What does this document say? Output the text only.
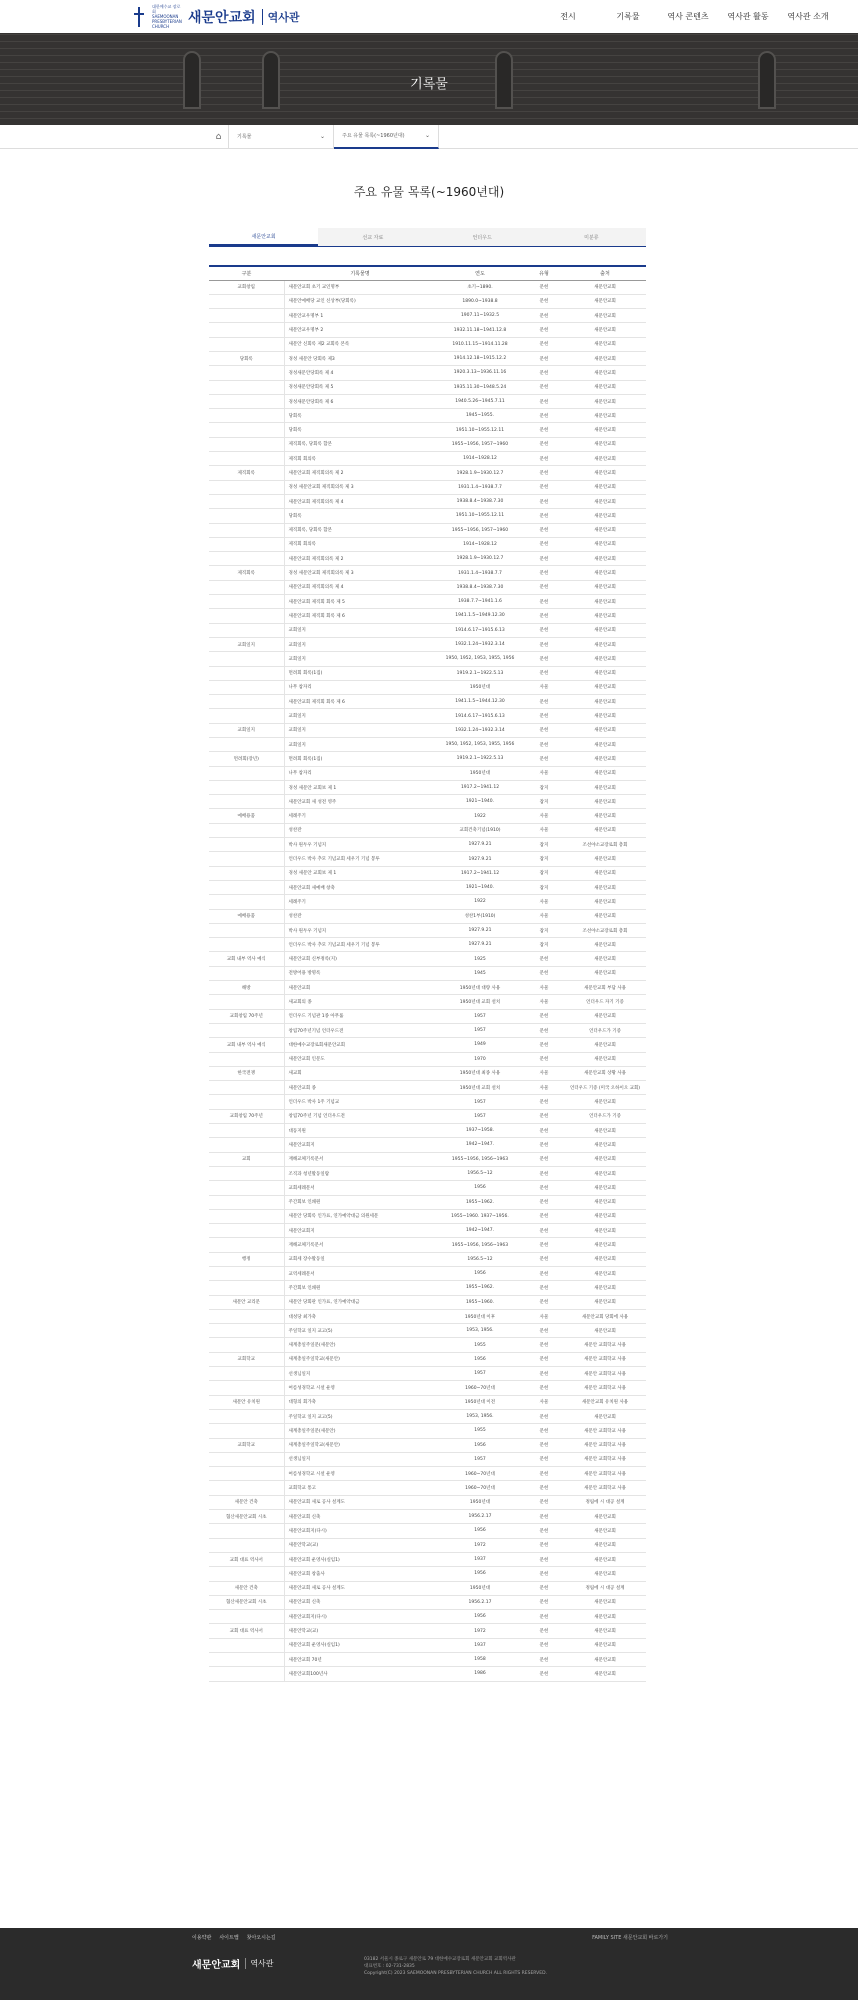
대한예수교 장로회 SAEMOONAN PRESBYTERIAN CHURCH
새문안교회	역사관	전시	기록물	역사 콘텐츠	역사관 활동	역사관 소개
기록물
⌂	기록물	⌄	주요 유물 목록(~1960년대)	⌄
주요 유물 목록(~1960년대)
새문안교회	선교 자료	언더우드	미분류
구분	기록물명	연도	유형	출처
교회창립	새문안교회 초기 교인명부	초기~1890.	문헌	새문안교회
	새문안예배당 교인 신상부(당회록)	1890.0~1938.8	문헌	새문안교회
	새문안교우명부 1	1907.11~1932.5	문헌	새문안교회
	새문안교우명부 2	1932.11.18~1941.12.8	문헌	새문안교회
	새문안 신회록 제2 교회록 본록	1910.11.15~1914.11.28	문헌	새문안교회
당회록	경성 새문안 당회록 제3	1914.12.18~1915.12.2	문헌	새문안교회
	경성새문안당회록 제 4	1920.3.13~1936.11.16	문헌	새문안교회
	경성새문안당회록 제 5	1935.11.30~1948.5.24	문헌	새문안교회
	경성새문안당회록 제 6	1940.5.26~1945.7.11	문헌	새문안교회
	당회록	1945~1955.	문헌	새문안교회
	당회록	1951.10~1955.12.11	문헌	새문안교회
	제직회록, 당회록 합본	1955~1956, 1957~1960	문헌	새문안교회
	제직회 회의록	1914~1928.12	문헌	새문안교회
제직회록	새문안교회 제직회의록 제 2	1928.1.9~1930.12.7	문헌	새문안교회
	경성 새문안교회 제직회의록 제 3	1931.1.4~1938.7.7	문헌	새문안교회
	새문안교회 제직회의록 제 4	1938.8.4~1938.7.30	문헌	새문안교회
	당회록	1951.10~1955.12.11	문헌	새문안교회
	제직회록, 당회록 합본	1955~1956, 1957~1960	문헌	새문안교회
	제직회 회의록	1914~1928.12	문헌	새문안교회
	새문안교회 제직회의록 제 2	1928.1.9~1930.12.7	문헌	새문안교회
제직회록	경성 새문안교회 제직회의록 제 3	1931.1.4~1938.7.7	문헌	새문안교회
	새문안교회 제직회의록 제 4	1938.8.4~1938.7.30	문헌	새문안교회
	새문안교회 제직회 회록 제 5	1938.7.7~1941.1.6	문헌	새문안교회
	새문안교회 제직회 회록 제 6	1941.1.5~1949.12.30	문헌	새문안교회
	교회일지	1914.6.17~1915.6.13	문헌	새문안교회
교회일지	교회일지	1932.1.24~1932.3.14	문헌	새문안교회
	교회일지	1950, 1952, 1953, 1955, 1956	문헌	새문안교회
	면려회 회록(1집)	1919.2.1~1922.5.13	문헌	새문안교회
	나무 참자리	1950년대	사물	새문안교회
	새문안교회 제직회 회록 제 6	1941.1.5~1944.12.30	문헌	새문안교회
	교회일지	1914.6.17~1915.6.13	문헌	새문안교회
교회일지	교회일지	1932.1.24~1932.3.14	문헌	새문안교회
	교회일지	1950, 1952, 1953, 1955, 1956	문헌	새문안교회
면려회(장년)	면려회 회록(1집)	1919.2.1~1922.5.13	문헌	새문안교회
	나무 참자리	1950년대	사물	새문안교회
	경성 새문안 교회보 제 1	1917.2~1941.12	잡지	새문안교회
	새문안교회 새 성전 영주	1921~1940.	잡지	새문안교회
예배용품	세례주기	1922	사물	새문안교회
	성찬잔	교회건축기념(1910)	사물	새문안교회
	박사 원두우 기념지	1927.9.21	잡지	조선야소교장로회 총회
	언더우드 박사 추모 기념교회 세우기 기념 봉투	1927.9.21	잡지	새문안교회
	경성 새문안 교회보 제 1	1917.2~1941.12	잡지	새문안교회
	새문안교회 새예배 창축	1921~1940.	잡지	새문안교회
	세례주기	1922	사물	새문안교회
예배용품	성찬잔	성찬1부(1910)	사물	새문안교회
	박사 원두우 기념지	1927.9.21	잡지	조선야소교장로회 총회
	언더우드 박사 추모 기념교회 세우기 기념 봉투	1927.9.21	잡지	새문안교회
교회 내부 역사 예식	새문안교회 신부정록(지)	1925	문헌	새문안교회
	전방어용 방명록	1945	문헌	새문안교회
해방	새문안교회	1950년대 대량 사용	사물	새문안교회 부담 사용
	새교회의 종	1950년대 교회 설치	사물	언더우드 자기 기증
교회창립 70주년	언더우드 기념관 1종 아무룰	1957	문헌	새문안교회
	창립70주년기념 언더우드전	1957	문헌	언더우드가 기증
교회 내부 역사 예식	대한예수교장로회새문안교회	1949	문헌	새문안교회
	새문안교회 인문도	1970	문헌	새문안교회
한국전쟁	새교회	1950년대 최종 사용	사물	새문안교회 상황 사용
	새문안교회 종	1950년대 교회 설치	사물	언더우드 기증 (미국 오하이오 교회)
	언더우드 박사 1주 기념교	1957	문헌	새문안교회
교회창립 70주년	창립70주년 기념 언더우드전	1957	문헌	언더우드가 기증
	대동지원	1937~1958.	문헌	새문안교회
	새문안교회지	1942~1947.	문헌	새문안교회
교회	재해교체기록문서	1955~1956, 1956~1963	문헌	새문안교회
	조직과 청년활동일람	1956.5~12	문헌	새문안교회
	교회세례문서	1956	문헌	새문안교회
	주간회보 인쇄원	1955~1962.	문헌	새문안교회
	새문안 당회록 인가표, 연가예약대금 의원세문	1955~1960. 1937~1956.	문헌	새문안교회
	새문안교회지	1942~1947.	문헌	새문안교회
	재해교체기록문서	1955~1956, 1956~1963	문헌	새문안교회
행정	교회세 장수활동일	1956.5~12	문헌	새문안교회
	교역세례문서	1956	문헌	새문안교회
	주간회보 인쇄원	1955~1962.	문헌	새문안교회
새문안 교리문	새문안 당회관 인가표, 연가예약대금	1955~1960.	문헌	새문안교회
	대성당 최가축	1950년대 이후	사물	새문안교회 당회에 사용
	주일학교 일지 교고(5)	1953, 1956.	문헌	새문안교회
	새계총일주일문(새문안)	1955	문헌	새문안 교회학교 사용
교회학교	새계총일주일학교(새문안)	1956	문헌	새문안 교회학교 사용
	선생님일지	1957	문헌	새문안 교회학교 사용
	여름성경학교 시설 운영	1960~70년대	문헌	새문안 교회학교 사용
새문안 유치원	대형의 회가축	1950년대 이전	사물	새문안교회 유치원 사용
	주일학교 일지 교고(5)	1953, 1956.	문헌	새문안교회
	새계총일주일문(새문안)	1955	문헌	새문안 교회학교 사용
교회학교	새계총일주일학교(새문안)	1956	문헌	새문안 교회학교 사용
	선생님일지	1957	문헌	새문안 교회학교 사용
	여름성경학교 시설 운영	1960~70년대	문헌	새문안 교회학교 사용
	교회학교 통고	1960~70년대	문헌	새문안 교회학교 사용
새문안 건축	새문안교회 새로 공사 설계도	1950년대	문헌	정림에 시 대공 설계
협산새문안교회 시초	새문안교회 신축	1956.2.17	문헌	새문안교회
	새문안교회지(다시)	1956	문헌	새문안교회
	새문안학교(교)	1972	문헌	새문안교회
교회 대표 역사서	새문안교회 운영사(실임1)	1937	문헌	새문안교회
	새문안교회 창출사	1956	문헌	새문안교회
새문안 건축	새문안교회 새로 공사 설계도	1950년대	문헌	정림에 시 대공 설계
협산새문안교회 시초	새문안교회 신축	1956.2.17	문헌	새문안교회
	새문안교회지(다시)	1956	문헌	새문안교회
교회 대표 역사서	새문안학교(교)	1972	문헌	새문안교회
	새문안교회 운영사(실임1)	1937	문헌	새문안교회
	새문안교회 70년	1958	문헌	새문안교회
	새문안교회100년사	1986	문헌	새문안교회
이용약관 사이트맵 찾아오시는길	FAMILY SITE 새문안교회 바로가기
새문안교회	역사관	03182 서울시 종로구 새문안로 79 대한예수교장로회 새문안교회 교회역사관
대표번호 : 02-731-2835
Copyright(C) 2023 SAEMOONAN PRESBYTERIAN CHURCH ALL RIGHTS RESERVED.
